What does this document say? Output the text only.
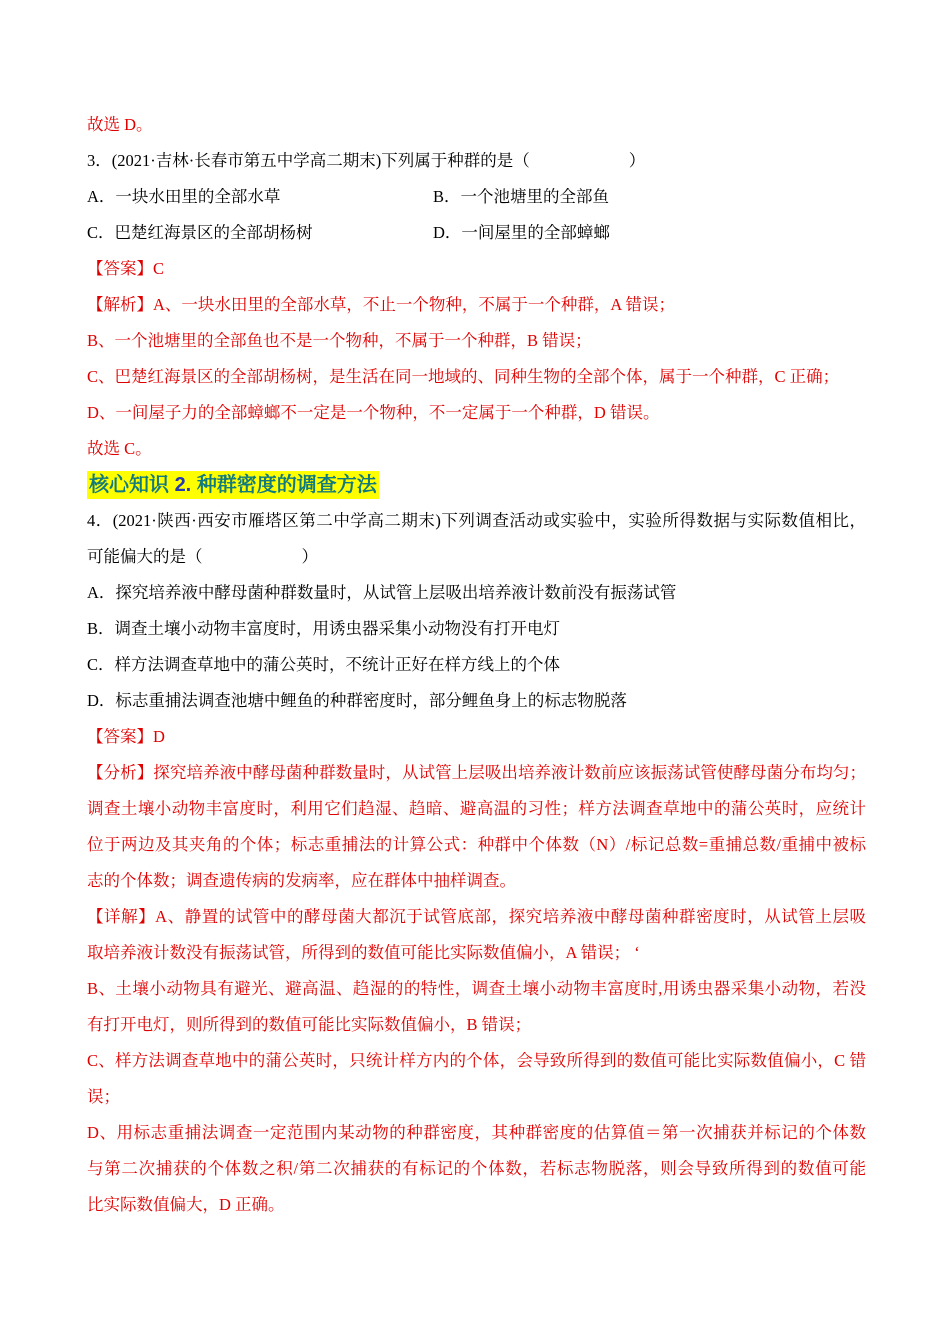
故选 D。
3．(2021·吉林·长春市第五中学高二期末)下列属于种群的是（　　　　　　）
A．一块水田里的全部水草	B．一个池塘里的全部鱼
C．巴楚红海景区的全部胡杨树	D．一间屋里的全部蟑螂
【答案】C
【解析】A、一块水田里的全部水草，不止一个物种，不属于一个种群，A 错误；
B、一个池塘里的全部鱼也不是一个物种，不属于一个种群，B 错误；
C、巴楚红海景区的全部胡杨树，是生活在同一地域的、同种生物的全部个体，属于一个种群，C 正确；
D、一间屋子力的全部蟑螂不一定是一个物种，不一定属于一个种群，D 错误。
故选 C。
核心知识 2. 种群密度的调查方法
4．(2021·陕西·西安市雁塔区第二中学高二期末)下列调查活动或实验中，实验所得数据与实际数值相比，
可能偏大的是（　　　　　　）
A．探究培养液中酵母菌种群数量时，从试管上层吸出培养液计数前没有振荡试管
B．调查土壤小动物丰富度时，用诱虫器采集小动物没有打开电灯
C．样方法调查草地中的蒲公英时，不统计正好在样方线上的个体
D．标志重捕法调查池塘中鲤鱼的种群密度时，部分鲤鱼身上的标志物脱落
【答案】D
【分析】探究培养液中酵母菌种群数量时，从试管上层吸出培养液计数前应该振荡试管使酵母菌分布均匀；
调查土壤小动物丰富度时，利用它们趋湿、趋暗、避高温的习性；样方法调查草地中的蒲公英时，应统计
位于两边及其夹角的个体；标志重捕法的计算公式：种群中个体数（N）/标记总数=重捕总数/重捕中被标
志的个体数；调查遗传病的发病率，应在群体中抽样调查。
【详解】A、静置的试管中的酵母菌大都沉于试管底部，探究培养液中酵母菌种群密度时，从试管上层吸
取培养液计数没有振荡试管，所得到的数值可能比实际数值偏小，A 错误； ‘
B、土壤小动物具有避光、避高温、趋湿的的特性，调查土壤小动物丰富度时,用诱虫器采集小动物，若没
有打开电灯，则所得到的数值可能比实际数值偏小，B 错误；
C、样方法调查草地中的蒲公英时，只统计样方内的个体，会导致所得到的数值可能比实际数值偏小，C 错
误；
D、用标志重捕法调查一定范围内某动物的种群密度，其种群密度的估算值＝第一次捕获并标记的个体数
与第二次捕获的个体数之积/第二次捕获的有标记的个体数，若标志物脱落，则会导致所得到的数值可能
比实际数值偏大，D 正确。
